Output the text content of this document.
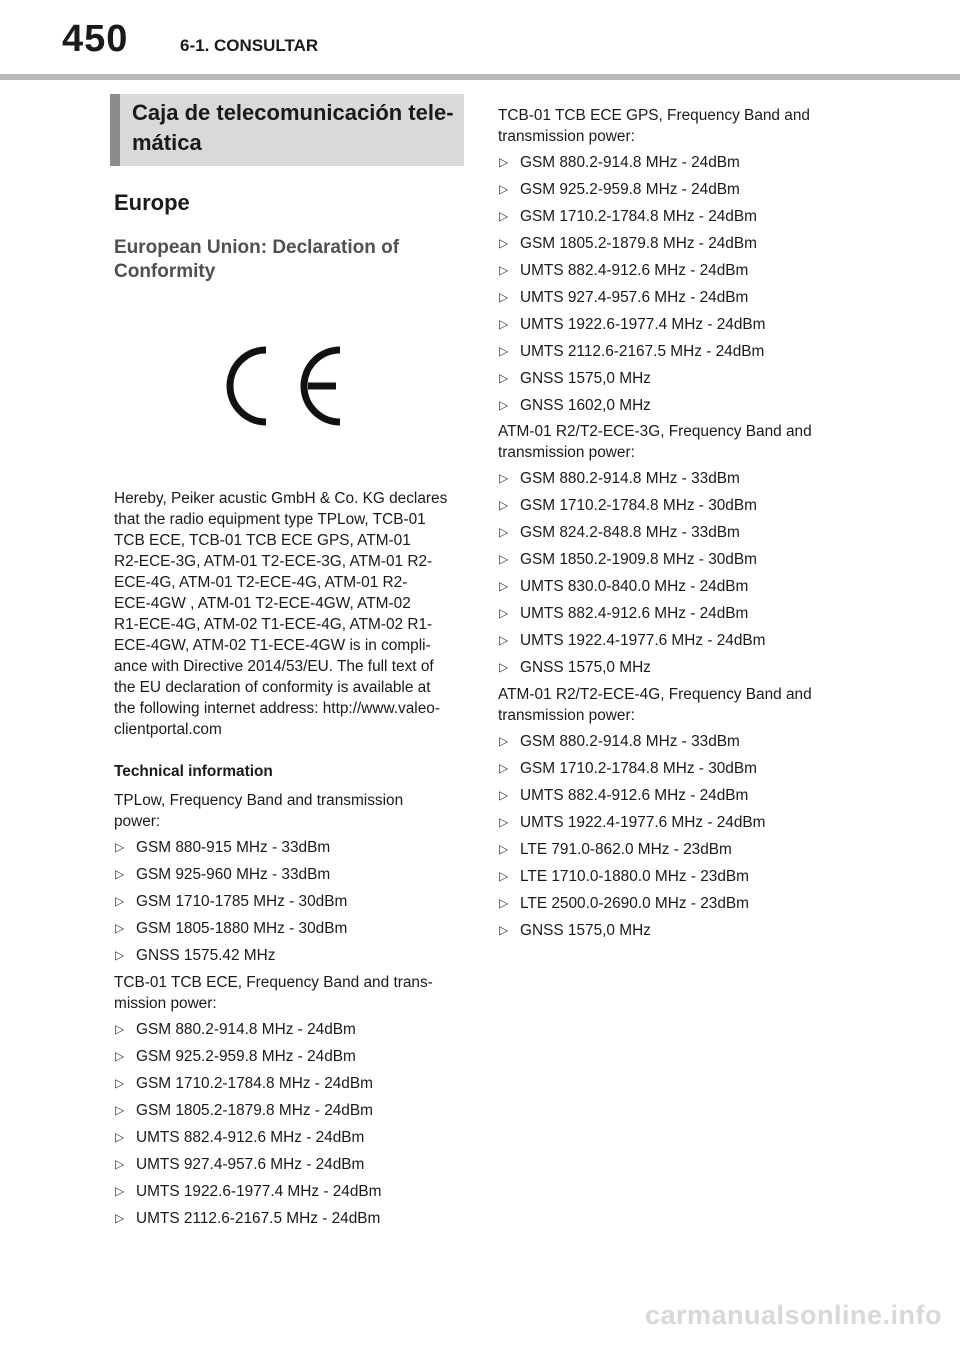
450	6-1. CONSULTAR
Caja de telecomunicación tele-
mática
Europe
European Union: Declaration of
Conformity
Hereby, Peiker acustic GmbH & Co. KG declares
that the radio equipment type TPLow, TCB-01
TCB ECE, TCB-01 TCB ECE GPS, ATM-01
R2-ECE-3G, ATM-01 T2-ECE-3G, ATM-01 R2-
ECE-4G, ATM-01 T2-ECE-4G, ATM-01 R2-
ECE-4GW , ATM-01 T2-ECE-4GW, ATM-02
R1-ECE-4G, ATM-02 T1-ECE-4G, ATM-02 R1-
ECE-4GW, ATM-02 T1-ECE-4GW is in compli-
ance with Directive 2014/53/EU. The full text of
the EU declaration of conformity is available at
the following internet address: http://www.valeo-
clientportal.com
Technical information
TPLow, Frequency Band and transmission
power:
▷ GSM 880-915 MHz - 33dBm
▷ GSM 925-960 MHz - 33dBm
▷ GSM 1710-1785 MHz - 30dBm
▷ GSM 1805-1880 MHz - 30dBm
▷ GNSS 1575.42 MHz
TCB-01 TCB ECE, Frequency Band and trans-
mission power:
▷ GSM 880.2-914.8 MHz - 24dBm
▷ GSM 925.2-959.8 MHz - 24dBm
▷ GSM 1710.2-1784.8 MHz - 24dBm
▷ GSM 1805.2-1879.8 MHz - 24dBm
▷ UMTS 882.4-912.6 MHz - 24dBm
▷ UMTS 927.4-957.6 MHz - 24dBm
▷ UMTS 1922.6-1977.4 MHz - 24dBm
▷ UMTS 2112.6-2167.5 MHz - 24dBm
TCB-01 TCB ECE GPS, Frequency Band and
transmission power:
▷ GSM 880.2-914.8 MHz - 24dBm
▷ GSM 925.2-959.8 MHz - 24dBm
▷ GSM 1710.2-1784.8 MHz - 24dBm
▷ GSM 1805.2-1879.8 MHz - 24dBm
▷ UMTS 882.4-912.6 MHz - 24dBm
▷ UMTS 927.4-957.6 MHz - 24dBm
▷ UMTS 1922.6-1977.4 MHz - 24dBm
▷ UMTS 2112.6-2167.5 MHz - 24dBm
▷ GNSS 1575,0 MHz
▷ GNSS 1602,0 MHz
ATM-01 R2/T2-ECE-3G, Frequency Band and
transmission power:
▷ GSM 880.2-914.8 MHz - 33dBm
▷ GSM 1710.2-1784.8 MHz - 30dBm
▷ GSM 824.2-848.8 MHz - 33dBm
▷ GSM 1850.2-1909.8 MHz - 30dBm
▷ UMTS 830.0-840.0 MHz - 24dBm
▷ UMTS 882.4-912.6 MHz - 24dBm
▷ UMTS 1922.4-1977.6 MHz - 24dBm
▷ GNSS 1575,0 MHz
ATM-01 R2/T2-ECE-4G, Frequency Band and
transmission power:
▷ GSM 880.2-914.8 MHz - 33dBm
▷ GSM 1710.2-1784.8 MHz - 30dBm
▷ UMTS 882.4-912.6 MHz - 24dBm
▷ UMTS 1922.4-1977.6 MHz - 24dBm
▷ LTE 791.0-862.0 MHz - 23dBm
▷ LTE 1710.0-1880.0 MHz - 23dBm
▷ LTE 2500.0-2690.0 MHz - 23dBm
▷ GNSS 1575,0 MHz
carmanualsonline.info
